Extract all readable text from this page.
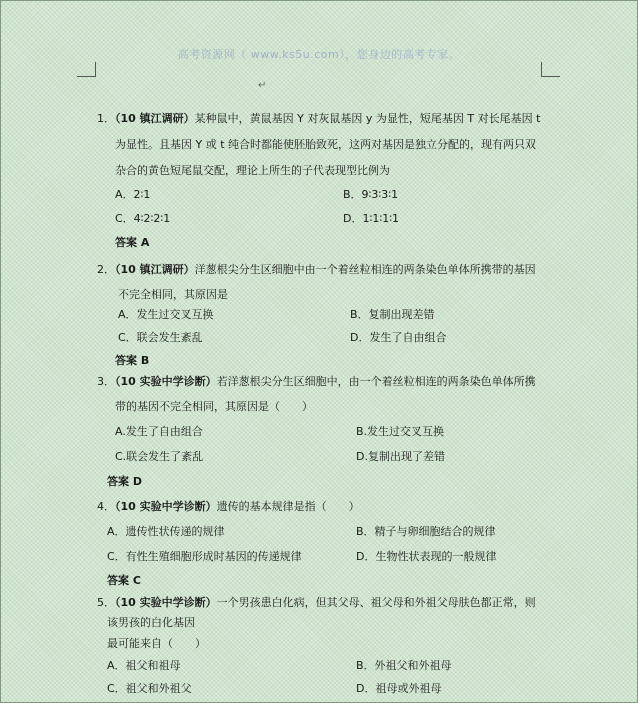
高考资源网（ www.ks5u.com），您身边的高考专家。
↵
1．（10 镇江调研）某种鼠中，黄鼠基因 Y 对灰鼠基因 y 为显性，短尾基因 T 对长尾基因 t
为显性。且基因 Y 或 t 纯合时都能使胚胎致死，这两对基因是独立分配的，现有两只双
杂合的黄色短尾鼠交配，理论上所生的子代表现型比例为
A．2∶1	B．9∶3∶3∶1
C．4∶2∶2∶1	D．1∶1∶1∶1
答案 A
2．（10 镇江调研）洋葱根尖分生区细胞中由一个着丝粒相连的两条染色单体所携带的基因
不完全相同，其原因是
A．发生过交叉互换	B．复制出现差错
C．联会发生紊乱	D．发生了自由组合
答案 B
3．（10 实验中学诊断）若洋葱根尖分生区细胞中，由一个着丝粒相连的两条染色单体所携
带的基因不完全相同，其原因是（　　）
A.发生了自由组合	B.发生过交叉互换
C.联会发生了紊乱	D.复制出现了差错
答案 D
4．（10 实验中学诊断）遗传的基本规律是指（　　）
A．遗传性状传递的规律	B．精子与卵细胞结合的规律
C．有性生殖细胞形成时基因的传递规律	D．生物性状表现的一般规律
答案 C
5．（10 实验中学诊断）一个男孩患白化病，但其父母、祖父母和外祖父母肤色都正常，则
该男孩的白化基因
最可能来自（　　）
A．祖父和祖母	B．外祖父和外祖母
C．祖父和外祖父	D．祖母或外祖母
